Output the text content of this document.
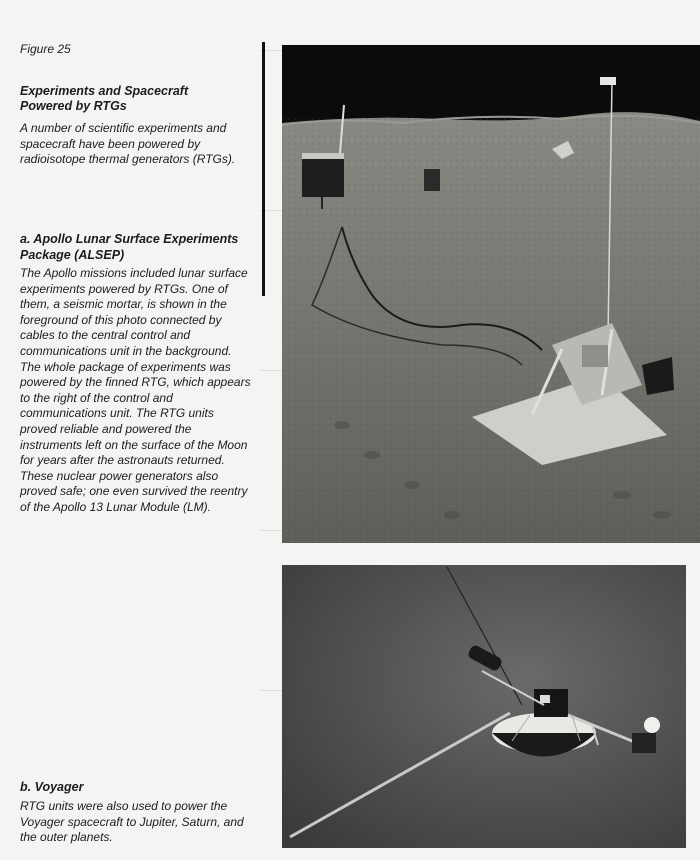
Figure 25
Experiments and Spacecraft Powered by RTGs
A number of scientific experiments and spacecraft have been powered by radioisotope thermal generators (RTGs).
a. Apollo Lunar Surface Experiments Package (ALSEP)
The Apollo missions included lunar surface experiments powered by RTGs. One of them, a seismic mortar, is shown in the foreground of this photo connected by cables to the central control and communications unit in the background. The whole package of experiments was powered by the finned RTG, which appears to the right of the control and communications unit. The RTG units proved reliable and powered the instruments left on the surface of the Moon for years after the astronauts returned. These nuclear power generators also proved safe; one even survived the reentry of the Apollo 13 Lunar Module (LM).
b. Voyager
RTG units were also used to power the Voyager spacecraft to Jupiter, Saturn, and the outer planets.
